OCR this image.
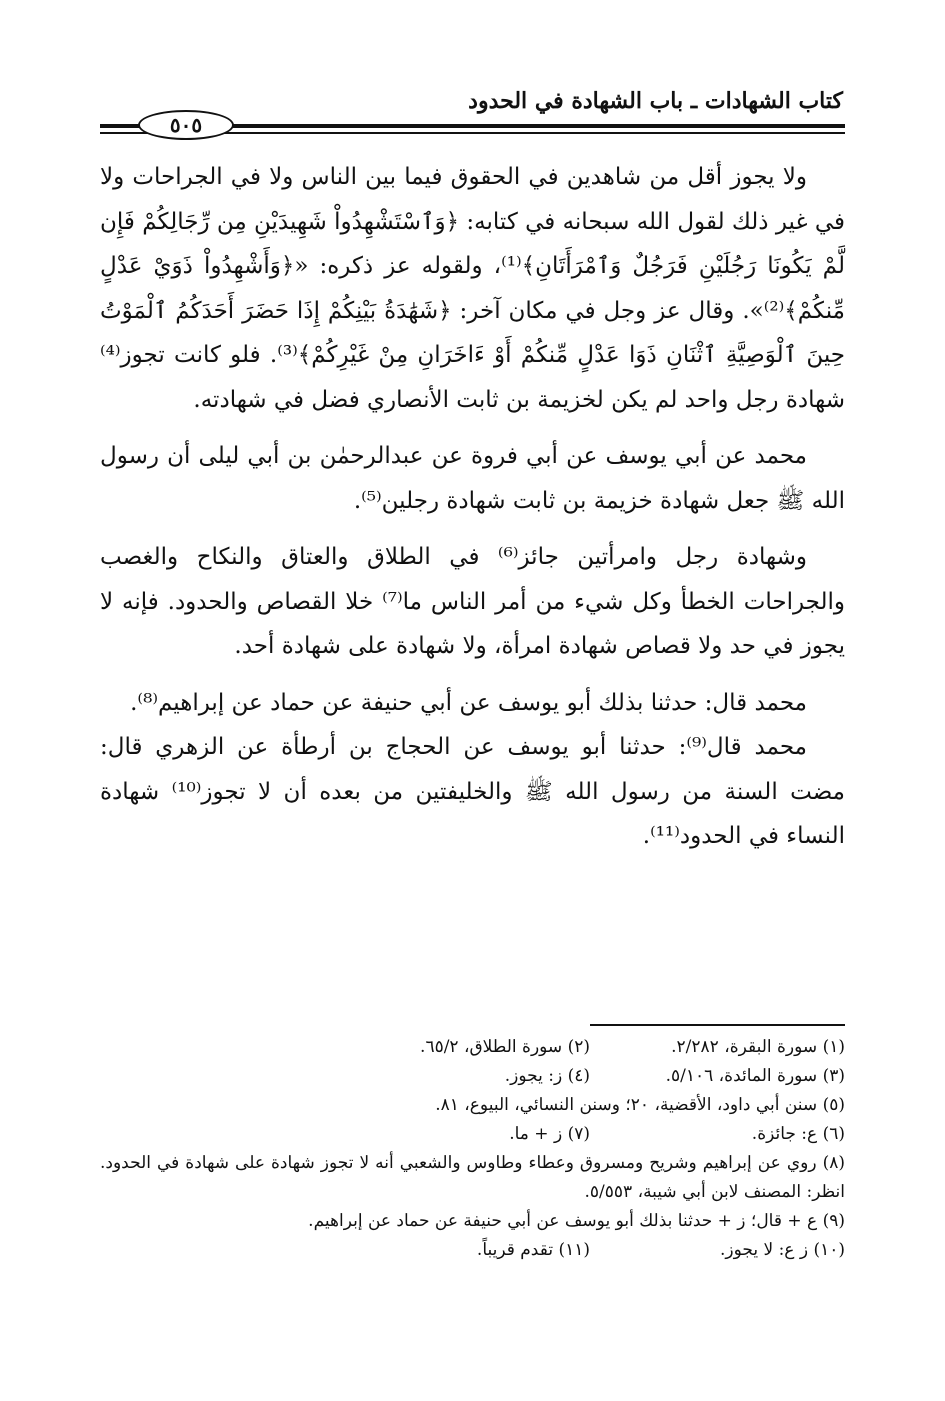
كتاب الشهادات ـ باب الشهادة في الحدود
٥٠٥

ولا يجوز أقل من شاهدين في الحقوق فيما بين الناس ولا في الجراحات ولا في غير ذلك لقول الله سبحانه في كتابه: ﴿وَٱسْتَشْهِدُواْ شَهِيدَيْنِ مِن رِّجَالِكُمْ فَإِن لَّمْ يَكُونَا رَجُلَيْنِ فَرَجُلٌ وَٱمْرَأَتَانِ﴾⁽¹⁾، ولقوله عز ذكره: «﴿وَأَشْهِدُواْ ذَوَيْ عَدْلٍ مِّنكُمْ﴾⁽²⁾». وقال عز وجل في مكان آخر: ﴿شَهَٰدَةُ بَيْنِكُمْ إِذَا حَضَرَ أَحَدَكُمُ ٱلْمَوْتُ حِينَ ٱلْوَصِيَّةِ ٱثْنَانِ ذَوَا عَدْلٍ مِّنكُمْ أَوْ ءَاخَرَانِ مِنْ غَيْرِكُمْ﴾⁽³⁾. فلو كانت تجوز⁽⁴⁾ شهادة رجل واحد لم يكن لخزيمة بن ثابت الأنصاري فضل في شهادته.

محمد عن أبي يوسف عن أبي فروة عن عبدالرحمٰن بن أبي ليلى أن رسول الله ﷺ جعل شهادة خزيمة بن ثابت شهادة رجلين⁽⁵⁾.

وشهادة رجل وامرأتين جائز⁽⁶⁾ في الطلاق والعتاق والنكاح والغصب والجراحات الخطأ وكل شيء من أمر الناس ما⁽⁷⁾ خلا القصاص والحدود. فإنه لا يجوز في حد ولا قصاص شهادة امرأة، ولا شهادة على شهادة أحد.

محمد قال: حدثنا بذلك أبو يوسف عن أبي حنيفة عن حماد عن إبراهيم⁽⁸⁾.

محمد قال⁽⁹⁾: حدثنا أبو يوسف عن الحجاج بن أرطأة عن الزهري قال: مضت السنة من رسول الله ﷺ والخليفتين من بعده أن لا تجوز⁽¹⁰⁾ شهادة النساء في الحدود⁽¹¹⁾.

(١) سورة البقرة، ٢/٢٨٢.
(٢) سورة الطلاق، ٦٥/٢.
(٣) سورة المائدة، ٥/١٠٦.
(٤) ز: يجوز.
(٥) سنن أبي داود، الأقضية، ٢٠؛ وسنن النسائي، البيوع، ٨١.
(٦) ع: جائزة.
(٧) ز + ما.
(٨) روي عن إبراهيم وشريح ومسروق وعطاء وطاوس والشعبي أنه لا تجوز شهادة على شهادة في الحدود. انظر: المصنف لابن أبي شيبة، ٥/٥٥٣.
(٩) ع + قال؛ ز + حدثنا بذلك أبو يوسف عن أبي حنيفة عن حماد عن إبراهيم.
(١٠) ز ع: لا يجوز.
(١١) تقدم قريباً.
